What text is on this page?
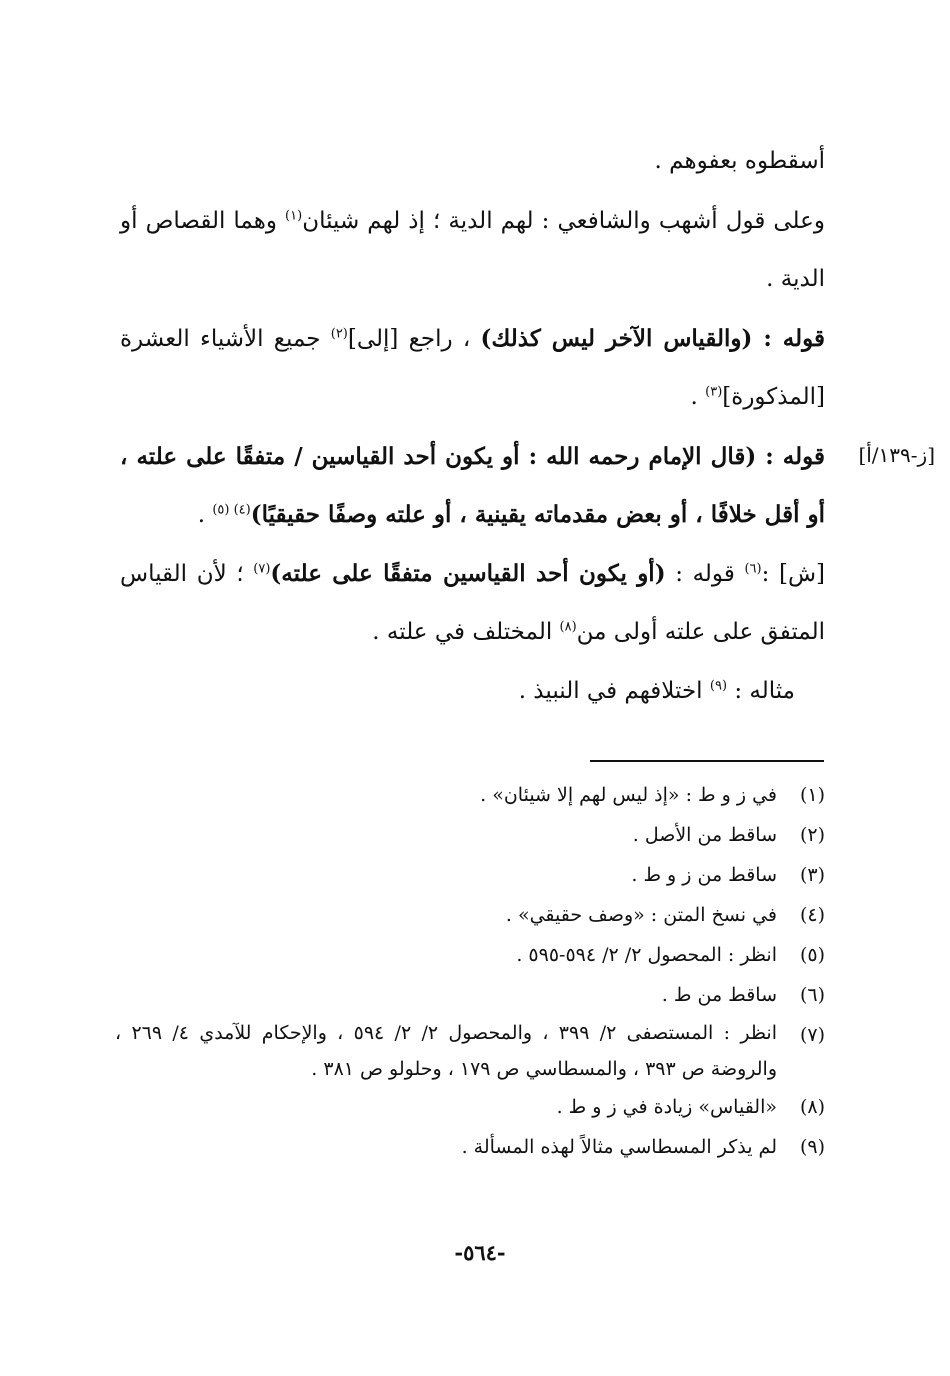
أسقطوه بعفوهم .

وعلى قول أشهب والشافعي : لهم الدية ؛ إذ لهم شيئان$^{(١)}$ وهما القصاص أو الدية .

قوله : (والقياس الآخر ليس كذلك) ، راجع [إلى]$^{(٢)}$ جميع الأشياء العشرة [المذكورة]$^{(٣)}$ .

[ز-١٣٩/أ]

قوله : (قال الإمام رحمه الله : أو يكون أحد القياسين / متفقًا على علته ، أو أقل خلافًا ، أو بعض مقدماته يقينية ، أو علته وصفًا حقيقيًا)$^{(٤) (٥)}$ .

[ش] :$^{(٦)}$ قوله : (أو يكون أحد القياسين متفقًا على علته)$^{(٧)}$ ؛ لأن القياس المتفق على علته أولى من$^{(٨)}$ المختلف في علته .

مثاله : $^{(٩)}$ اختلافهم في النبيذ .

(١)
في ز و ط : «إذ ليس لهم إلا شيئان» .
(٢)
ساقط من الأصل .
(٣)
ساقط من ز و ط .
(٤)
في نسخ المتن : «وصف حقيقي» .
(٥)
انظر : المحصول ٢/ ٢/ ٥٩٤-٥٩٥ .
(٦)
ساقط من ط .
(٧)
انظر : المستصفى ٢/ ٣٩٩ ، والمحصول ٢/ ٢/ ٥٩٤ ، والإحكام للآمدي ٤/ ٢٦٩ ، والروضة ص ٣٩٣ ، والمسطاسي ص ١٧٩ ، وحلولو ص ٣٨١ .
(٨)
«القياس» زيادة في ز و ط .
(٩)
لم يذكر المسطاسي مثالاً لهذه المسألة .
-٥٦٤-
